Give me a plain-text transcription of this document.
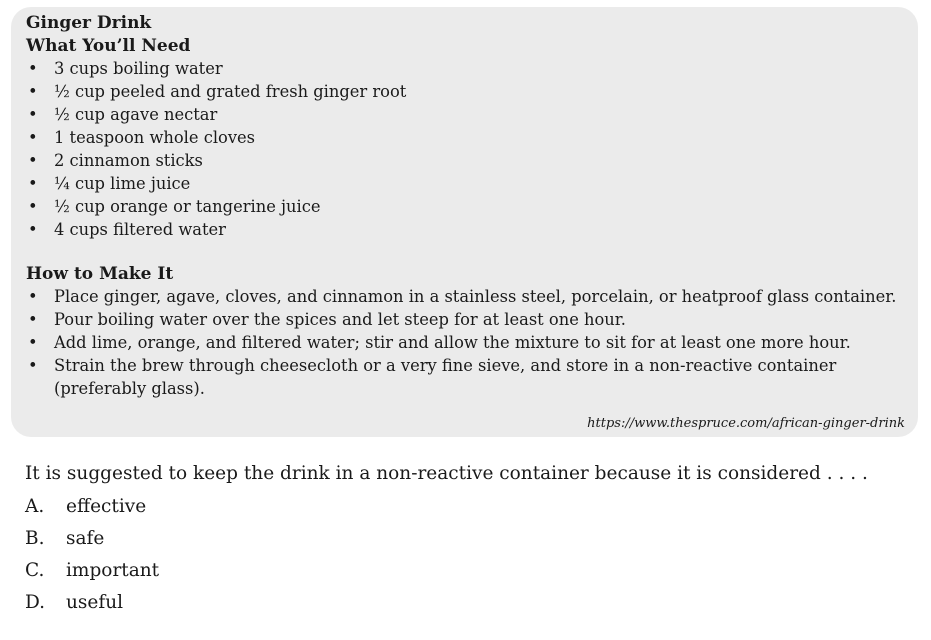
Ginger Drink

What You’ll Need

• 3 cups boiling water
• ½ cup peeled and grated fresh ginger root
• ½ cup agave nectar
• 1 teaspoon whole cloves
• 2 cinnamon sticks
• ¼ cup lime juice
• ½ cup orange or tangerine juice
• 4 cups filtered water

How to Make It

• Place ginger, agave, cloves, and cinnamon in a stainless steel, porcelain, or heatproof glass container.
• Pour boiling water over the spices and let steep for at least one hour.
• Add lime, orange, and filtered water; stir and allow the mixture to sit for at least one more hour.
• Strain the brew through cheesecloth or a very fine sieve, and store in a non-reactive container (preferably glass).
https://www.thespruce.com/african-ginger-drink

It is suggested to keep the drink in a non-reactive container because it is considered . . . .

A.	effective
B.	safe
C.	important
D.	useful
